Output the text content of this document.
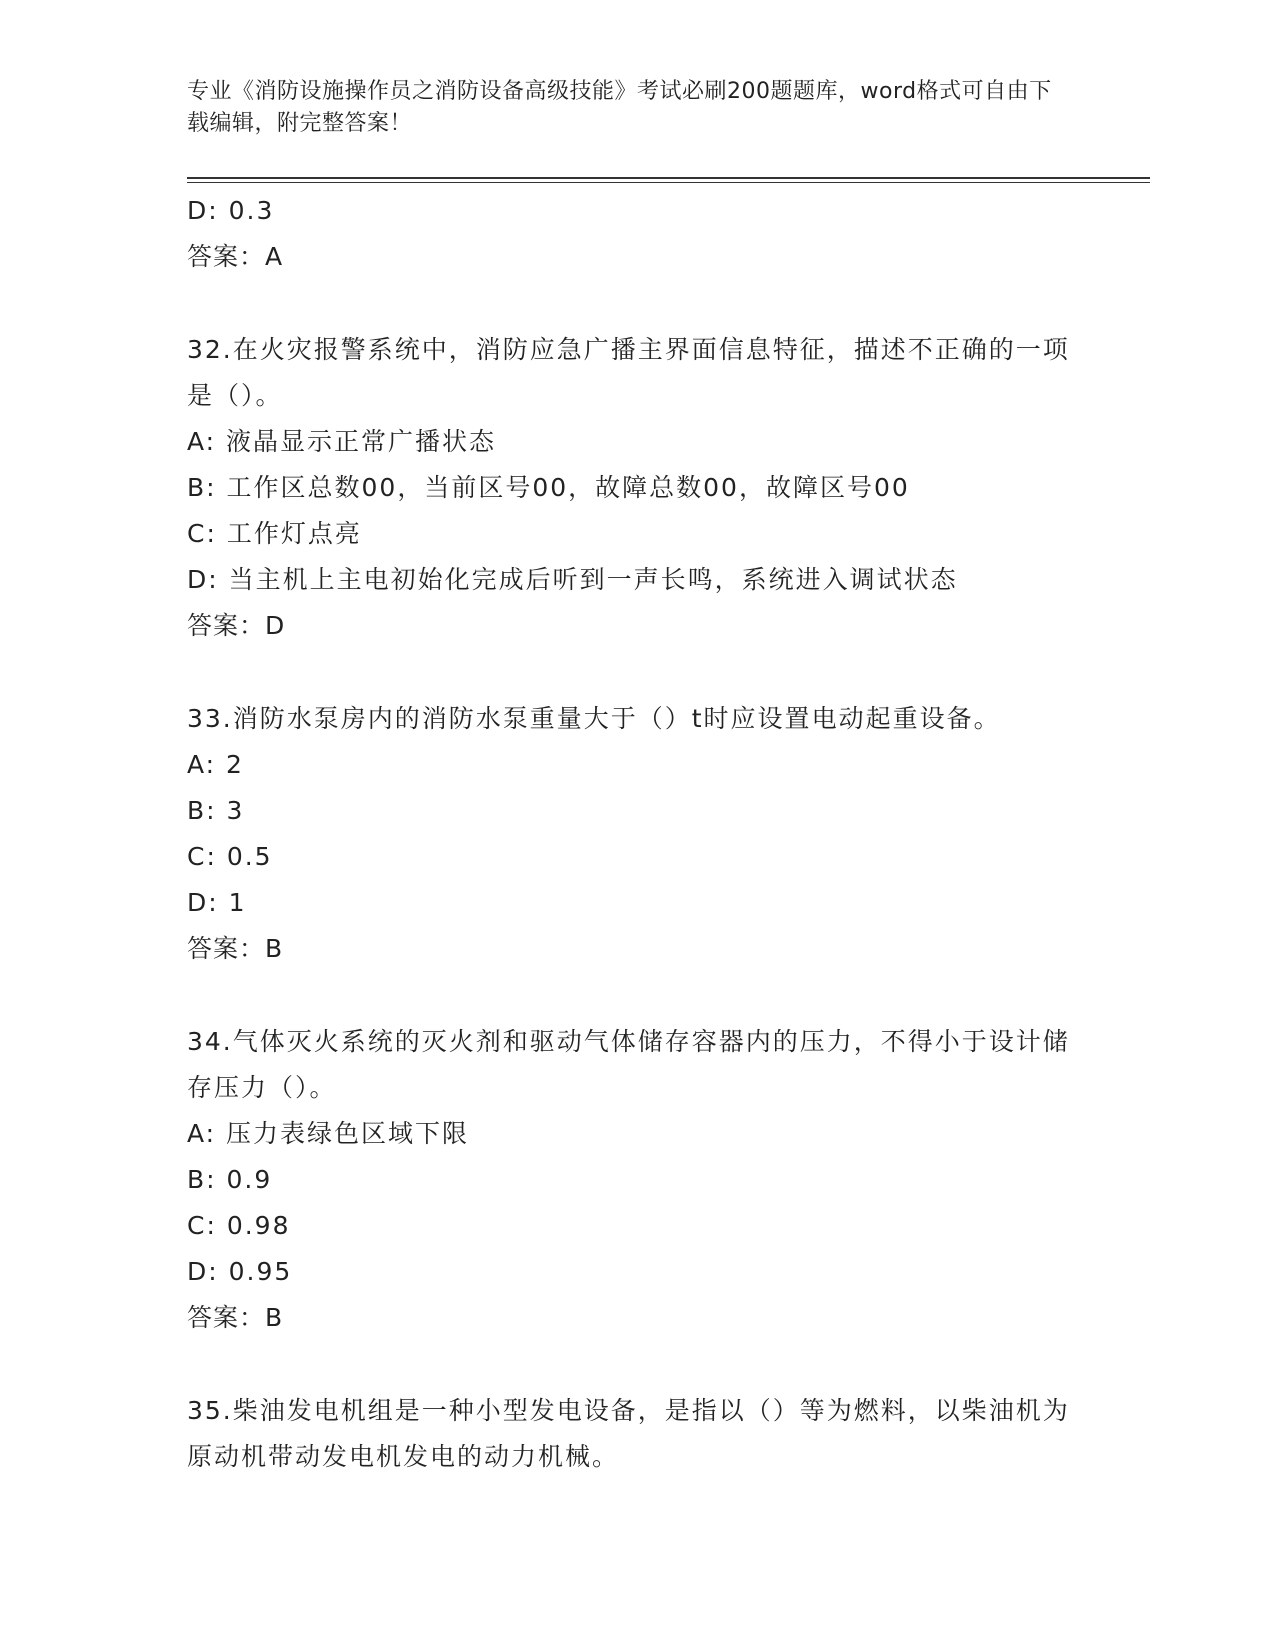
专业《消防设施操作员之消防设备高级技能》考试必刷200题题库，word格式可自由下载编辑，附完整答案！
D: 0.3
答案：A
32.在火灾报警系统中，消防应急广播主界面信息特征，描述不正确的一项是（）。
A: 液晶显示正常广播状态
B: 工作区总数00，当前区号00，故障总数00，故障区号00
C: 工作灯点亮
D: 当主机上主电初始化完成后听到一声长鸣，系统进入调试状态
答案：D
33.消防水泵房内的消防水泵重量大于（）t时应设置电动起重设备。
A: 2
B: 3
C: 0.5
D: 1
答案：B
34.气体灭火系统的灭火剂和驱动气体储存容器内的压力，不得小于设计储存压力（）。
A: 压力表绿色区域下限
B: 0.9
C: 0.98
D: 0.95
答案：B
35.柴油发电机组是一种小型发电设备，是指以（）等为燃料，以柴油机为原动机带动发电机发电的动力机械。
